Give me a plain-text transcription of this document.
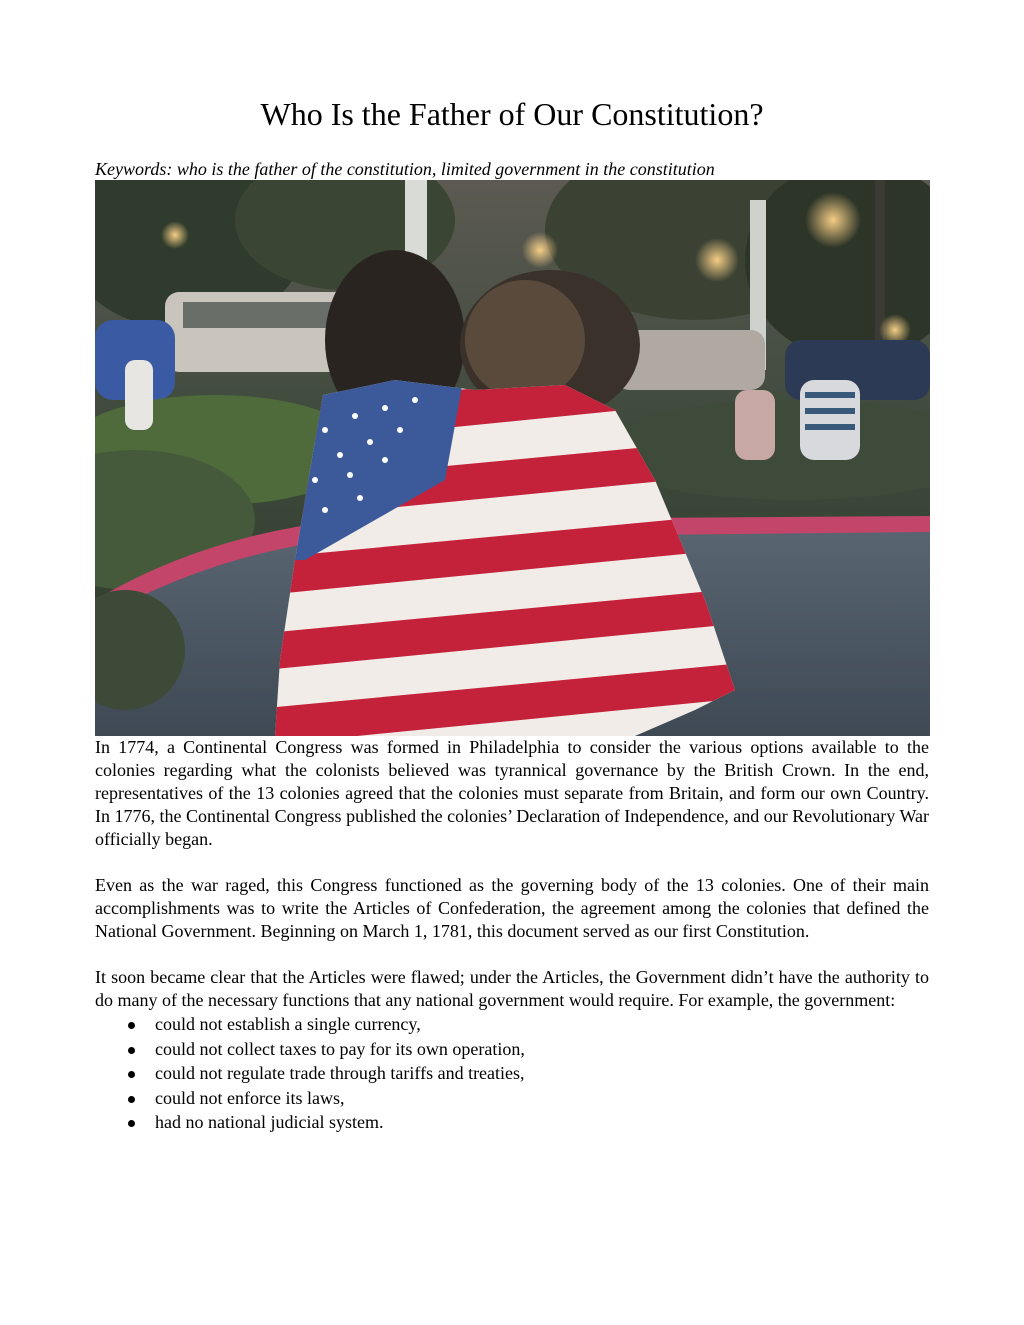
Who Is the Father of Our Constitution?

Keywords: who is the father of the constitution, limited government in the constitution

In 1774, a Continental Congress was formed in Philadelphia to consider the various options available to the colonies regarding what the colonists believed was tyrannical governance by the British Crown. In the end, representatives of the 13 colonies agreed that the colonies must separate from Britain, and form our own Country. In 1776, the Continental Congress published the colonies’ Declaration of Independence, and our Revolutionary War officially began.

Even as the war raged, this Congress functioned as the governing body of the 13 colonies. One of their main accomplishments was to write the Articles of Confederation, the agreement among the colonies that defined the National Government. Beginning on March 1, 1781, this document served as our first Constitution.

It soon became clear that the Articles were flawed; under the Articles, the Government didn’t have the authority to do many of the necessary functions that any national government would require. For example, the government:

could not establish a single currency,
could not collect taxes to pay for its own operation,
could not regulate trade through tariffs and treaties,
could not enforce its laws,
had no national judicial system.
